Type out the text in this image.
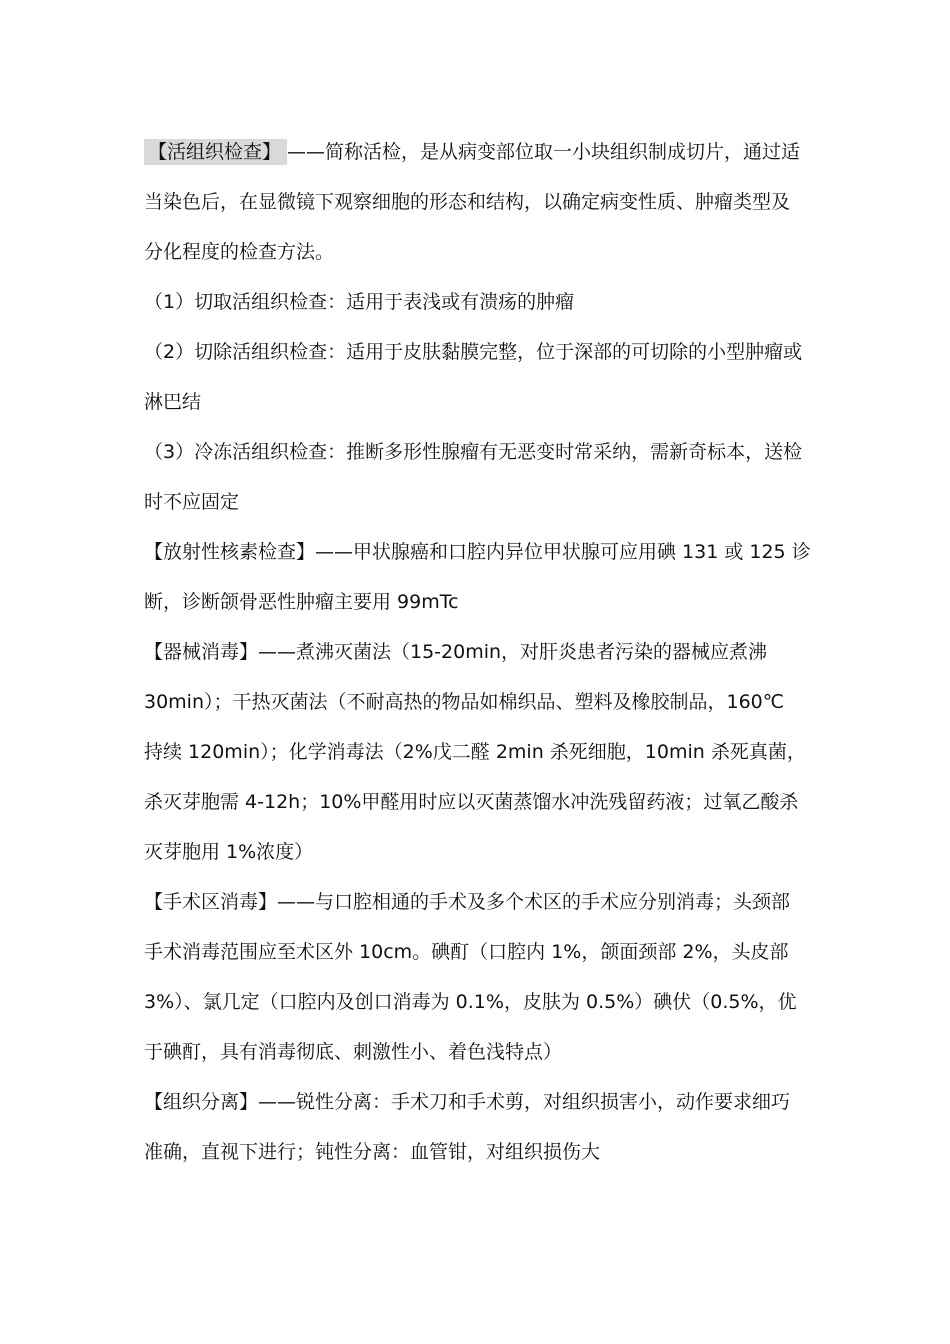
【活组织检查】 ——简称活检，是从病变部位取一小块组织制成切片，通过适
当染色后，在显微镜下观察细胞的形态和结构，以确定病变性质、肿瘤类型及
分化程度的检查方法。
（1）切取活组织检查：适用于表浅或有溃疡的肿瘤
（2）切除活组织检查：适用于皮肤黏膜完整，位于深部的可切除的小型肿瘤或
淋巴结
（3）冷冻活组织检查：推断多形性腺瘤有无恶变时常采纳，需新奇标本，送检
时不应固定
【放射性核素检查】——甲状腺癌和口腔内异位甲状腺可应用碘 131 或 125 诊
断，诊断颌骨恶性肿瘤主要用 99mTc
【器械消毒】——煮沸灭菌法（15-20min，对肝炎患者污染的器械应煮沸
30min）；干热灭菌法（不耐高热的物品如棉织品、塑料及橡胶制品，160℃
持续 120min）；化学消毒法（2%戊二醛 2min 杀死细胞，10min 杀死真菌，
杀灭芽胞需 4-12h；10%甲醛用时应以灭菌蒸馏水冲洗残留药液；过氧乙酸杀
灭芽胞用 1%浓度）
【手术区消毒】——与口腔相通的手术及多个术区的手术应分别消毒；头颈部
手术消毒范围应至术区外 10cm。碘酊（口腔内 1%，颌面颈部 2%，头皮部
3%）、氯几定（口腔内及创口消毒为 0.1%，皮肤为 0.5%）碘伏（0.5%，优
于碘酊，具有消毒彻底、刺激性小、着色浅特点）
【组织分离】——锐性分离：手术刀和手术剪，对组织损害小，动作要求细巧
准确，直视下进行；钝性分离：血管钳，对组织损伤大
